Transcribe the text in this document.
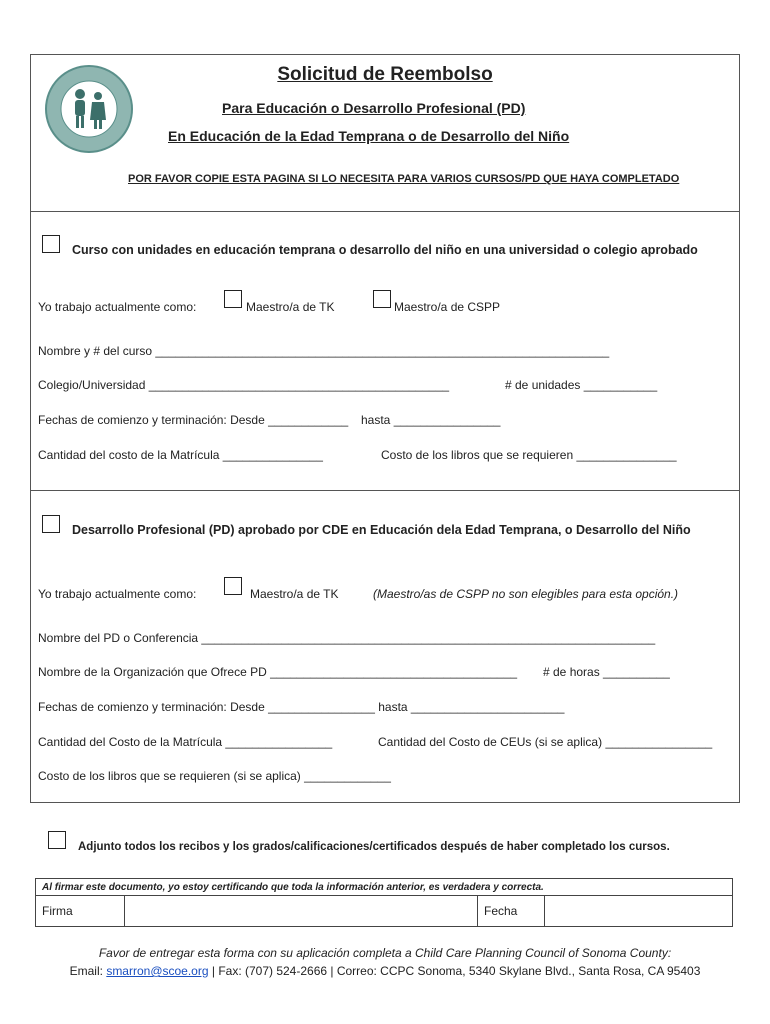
Solicitud de Reembolso
Para Educación o Desarrollo Profesional (PD)
En Educación de la Edad Temprana o de Desarrollo del Niño
POR FAVOR COPIE ESTA PAGINA SI LO NECESITA PARA VARIOS CURSOS/PD QUE HAYA COMPLETADO
Curso con unidades en educación temprana o desarrollo del niño en una universidad o colegio aprobado
Yo trabajo actualmente como:	Maestro/a de TK	Maestro/a de CSPP
Nombre y # del curso ____________________________________________________________________
Colegio/Universidad _____________________________________________	# de unidades ___________
Fechas de comienzo y terminación: Desde ____________ hasta ________________
Cantidad del costo de la Matrícula _______________	Costo de los libros que se requieren _______________
Desarrollo Profesional (PD) aprobado por CDE en Educación dela Edad Temprana, o Desarrollo del Niño
Yo trabajo actualmente como:	Maestro/a de TK	(Maestro/as de CSPP no son elegibles para esta opción.)
Nombre del PD o Conferencia ____________________________________________________________________
Nombre de la Organización que Ofrece PD _____________________________________ # de horas __________
Fechas de comienzo y terminación: Desde ________________ hasta _______________________
Cantidad del Costo de la Matrícula ________________	Cantidad del Costo de CEUs (si se aplica) ________________
Costo de los libros que se requieren (si se aplica) _____________
Adjunto todos los recibos y los grados/calificaciones/certificados después de haber completado los cursos.
Al firmar este documento, yo estoy certificando que toda la información anterior, es verdadera y correcta.
Firma		Fecha	
Favor de entregar esta forma con su aplicación completa a Child Care Planning Council of Sonoma County:
Email: smarron@scoe.org | Fax: (707) 524-2666 | Correo: CCPC Sonoma, 5340 Skylane Blvd., Santa Rosa, CA 95403
